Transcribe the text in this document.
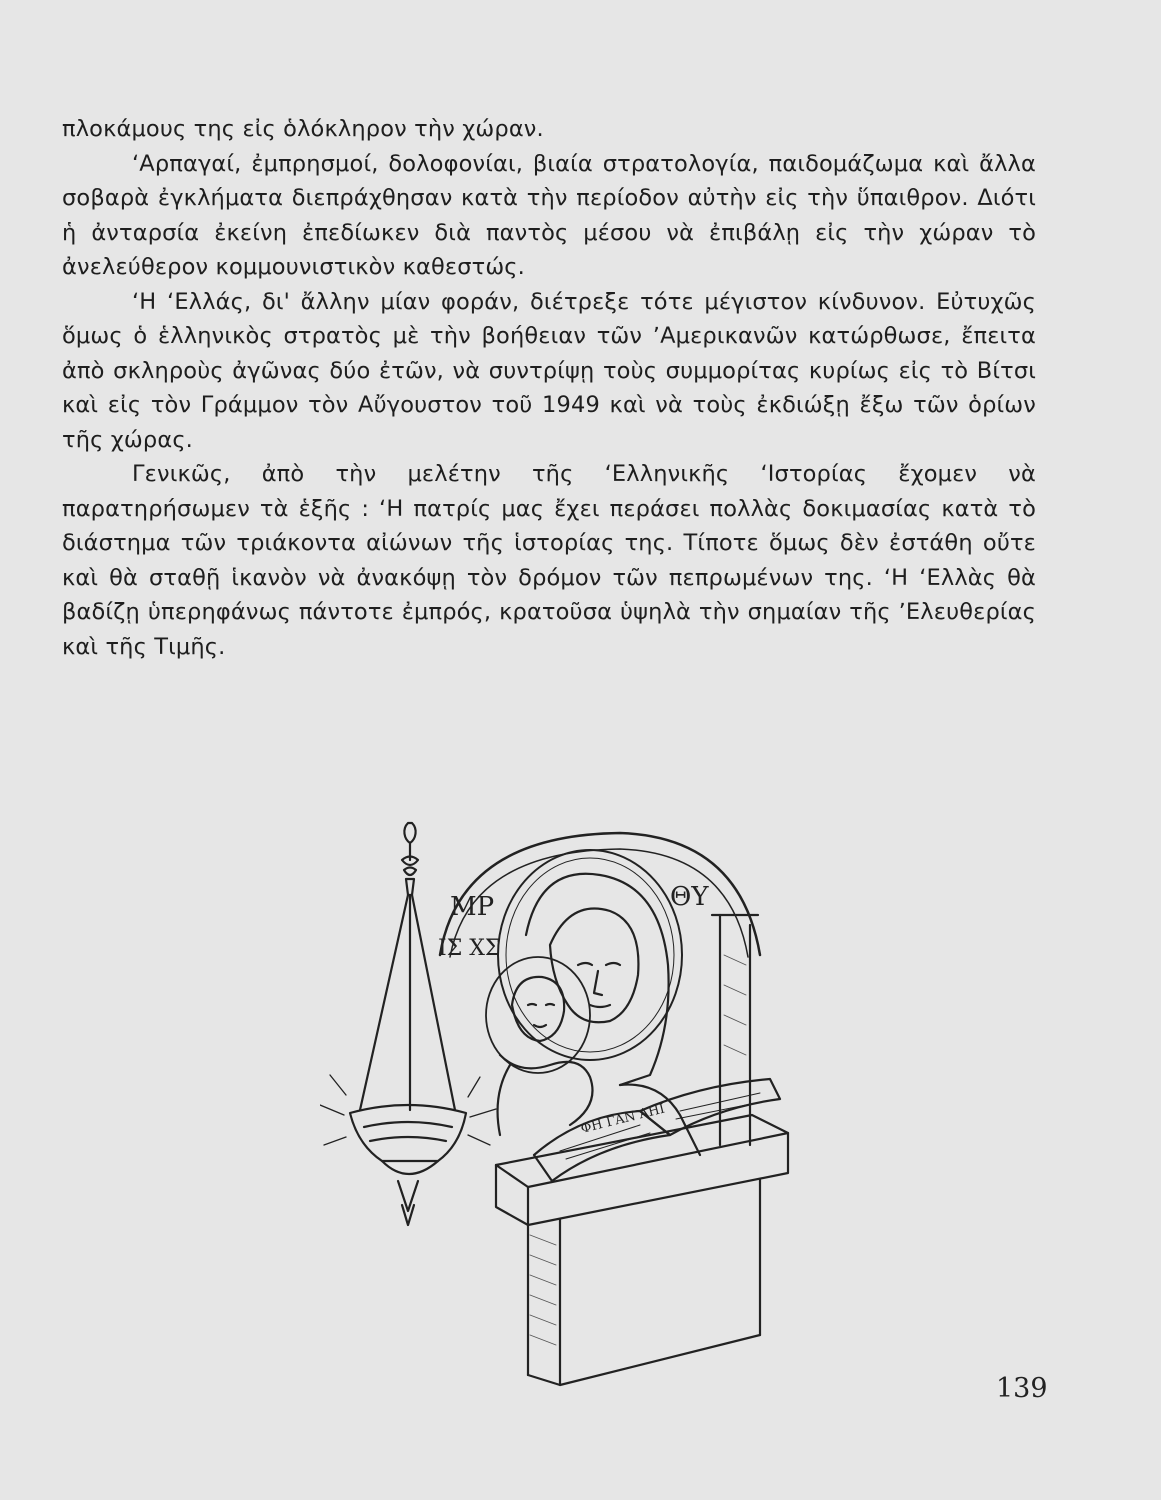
πλοκάμους της εἰς ὁλόκληρον τὴν χώραν.

ʻΑρπαγαί, ἐμπρησμοί, δολοφονίαι, βιαία στρατολογία, παιδομάζωμα καὶ ἄλλα σοβαρὰ ἐγκλήματα διεπράχθησαν κατὰ τὴν περίοδον αὐτὴν εἰς τὴν ὕπαιθρον. Διότι ἡ ἀνταρσία ἐκείνη ἐπεδίωκεν διὰ παντὸς μέσου νὰ ἐπιβάλῃ εἰς τὴν χώραν τὸ ἀνελεύθερον κομμουνιστικὸν καθεστώς.

ʻΗ ʻΕλλάς, δι' ἄλλην μίαν φοράν, διέτρεξε τότε μέγιστον κίνδυνον. Εὐτυχῶς ὅμως ὁ ἑλληνικὸς στρατὸς μὲ τὴν βοήθειαν τῶν ʼΑμερικανῶν κατώρθωσε, ἔπειτα ἀπὸ σκληροὺς ἀγῶνας δύο ἐτῶν, νὰ συντρίψῃ τοὺς συμμορίτας κυρίως εἰς τὸ Βίτσι καὶ εἰς τὸν Γράμμον τὸν Αὔγουστον τοῦ 1949 καὶ νὰ τοὺς ἐκδιώξῃ ἔξω τῶν ὁρίων τῆς χώρας.

Γενικῶς, ἀπὸ τὴν μελέτην τῆς ʻΕλληνικῆς ʻΙστορίας ἔχομεν νὰ παρατηρήσωμεν τὰ ἑξῆς : ʻΗ πατρίς μας ἔχει περάσει πολλὰς δοκιμασίας κατὰ τὸ διάστημα τῶν τριάκοντα αἰώνων τῆς ἱστορίας της. Τίποτε ὅμως δὲν ἐστάθη οὔτε καὶ θὰ σταθῇ ἱκανὸν νὰ ἀνακόψῃ τὸν δρόμον τῶν πεπρωμένων της. ʻΗ ʻΕλλὰς θὰ βαδίζῃ ὑπερηφάνως πάντοτε ἐμπρός, κρατοῦσα ὑψηλὰ τὴν σημαίαν τῆς ʼΕλευθερίας καὶ τῆς Τιμῆς.

ΜΡ	ΘΥ
ΙΣ ΧΣ
ΦΗ ΓΑΝ ΑΗΙ
139
